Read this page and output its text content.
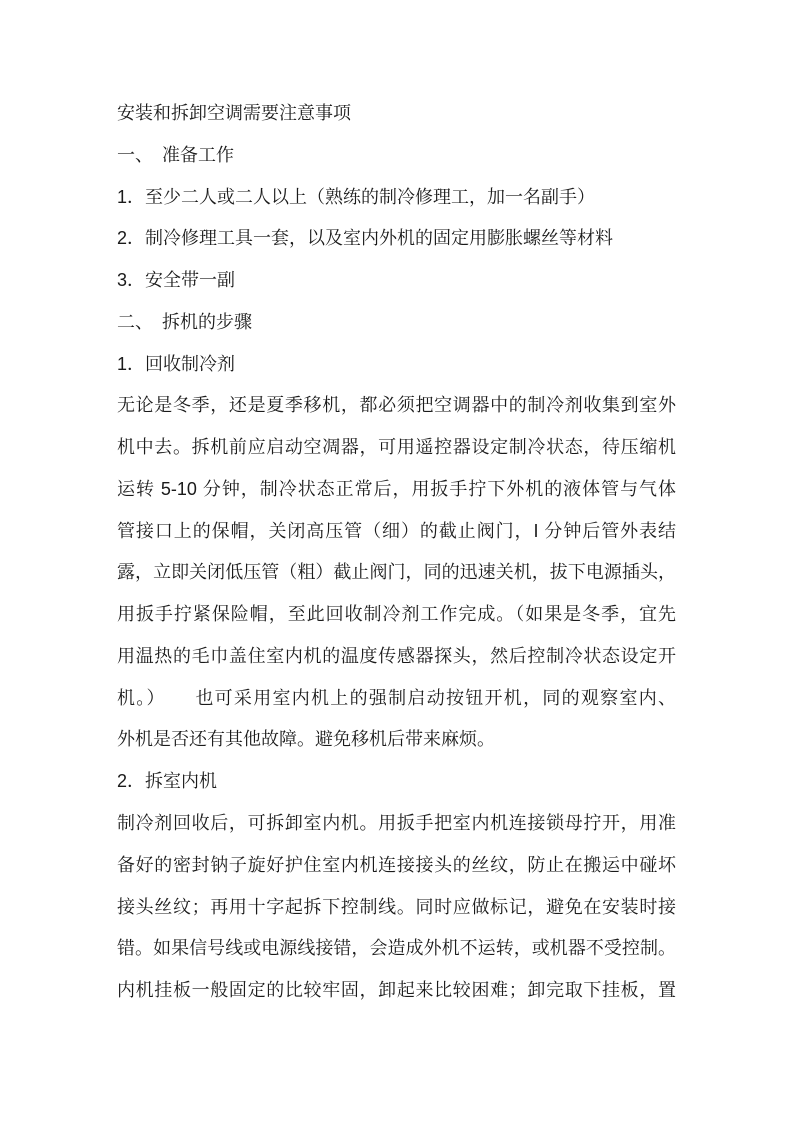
安装和拆卸空调需要注意事项
一、　准备工作
1．至少二人或二人以上（熟练的制冷修理工，加一名副手）
2．制冷修理工具一套，以及室内外机的固定用膨胀螺丝等材料
3．安全带一副
二、　拆机的步骤
1．回收制冷剂
无论是冬季，还是夏季移机，都必须把空调器中的制冷剂收集到室外
机中去。拆机前应启动空凋器，可用遥控器设定制冷状态，待压缩机
运转 5-10 分钟，制冷状态正常后，用扳手拧下外机的液体管与气体
管接口上的保帽，关闭高压管（细）的截止阀门，I 分钟后管外表结
露，立即关闭低压管（粗）截止阀门，同的迅速关机，拔下电源插头，
用扳手拧紧保险帽，至此回收制冷剂工作完成。（如果是冬季，宜先
用温热的毛巾盖住室内机的温度传感器探头，然后控制冷状态设定开
机。）　　也可采用室内机上的强制启动按钮开机，同的观察室内、
外机是否还有其他故障。避免移机后带来麻烦。
2．拆室内机
制冷剂回收后，可拆卸室内机。用扳手把室内机连接锁母拧开，用准
备好的密封钠子旋好护住室内机连接接头的丝纹，防止在搬运中碰坏
接头丝纹；再用十字起拆下控制线。同时应做标记，避免在安装时接
错。如果信号线或电源线接错，会造成外机不运转，或机器不受控制。
内机挂板一般固定的比较牢固，卸起来比较困难；卸完取下挂板，置
